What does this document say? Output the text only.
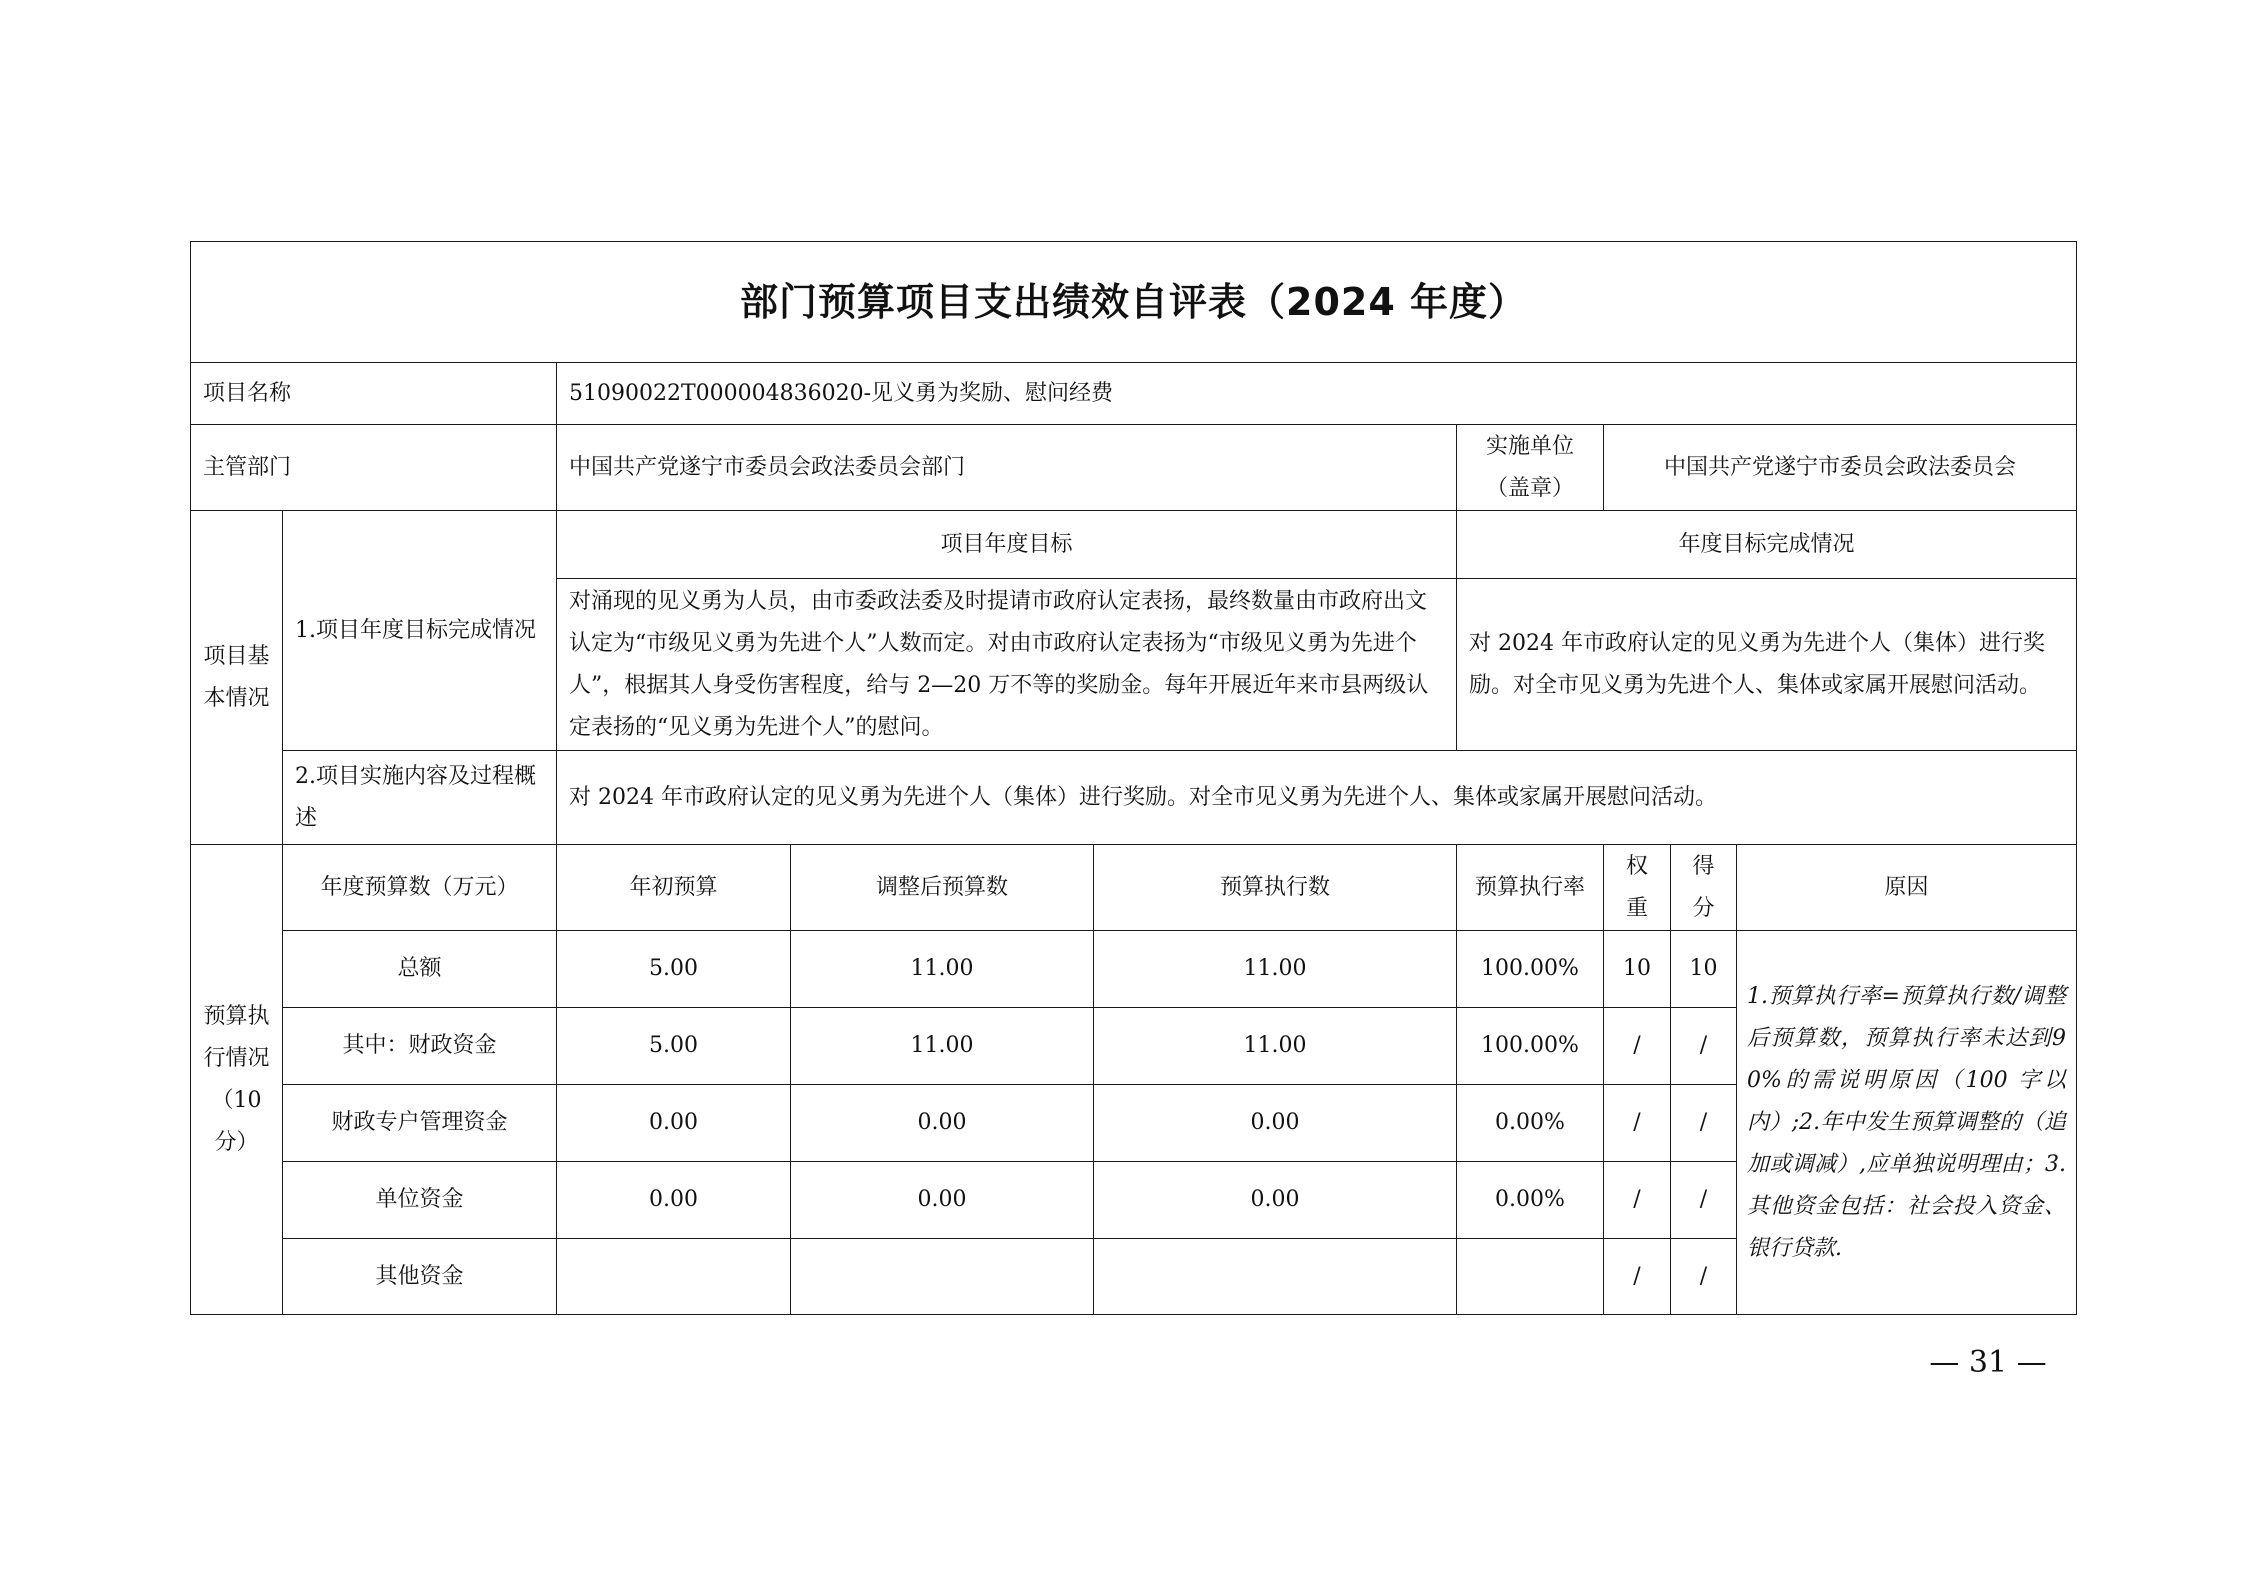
部门预算项目支出绩效自评表（2024 年度）								
项目名称		51090022T000004836020-见义勇为奖励、慰问经费						
主管部门		中国共产党遂宁市委员会政法委员会部门			实施单位（盖章）	中国共产党遂宁市委员会政法委员会		
项目基本情况	1.项目年度目标完成情况	项目年度目标			年度目标完成情况			
		对涌现的见义勇为人员，由市委政法委及时提请市政府认定表扬，最终数量由市政府出文认定为“市级见义勇为先进个人”人数而定。对由市政府认定表扬为“市级见义勇为先进个人”，根据其人身受伤害程度，给与 2—20 万不等的奖励金。每年开展近年来市县两级认定表扬的“见义勇为先进个人”的慰问。			对 2024 年市政府认定的见义勇为先进个人（集体）进行奖励。对全市见义勇为先进个人、集体或家属开展慰问活动。			
	2.项目实施内容及过程概述	对 2024 年市政府认定的见义勇为先进个人（集体）进行奖励。对全市见义勇为先进个人、集体或家属开展慰问活动。						
预算执行情况（10分）	年度预算数（万元）	年初预算	调整后预算数	预算执行数	预算执行率	权重	得分	原因
	总额	5.00	11.00	11.00	100.00%	10	10	1.预算执行率=预算执行数/调整后预算数，预算执行率未达到90%的需说明原因（100 字以内）;2.年中发生预算调整的（追加或调减）,应单独说明理由；3.其他资金包括：社会投入资金、银行贷款.
	其中：财政资金	5.00	11.00	11.00	100.00%	/	/	
	财政专户管理资金	0.00	0.00	0.00	0.00%	/	/	
	单位资金	0.00	0.00	0.00	0.00%	/	/	
	其他资金					/	/	
— 31 —
